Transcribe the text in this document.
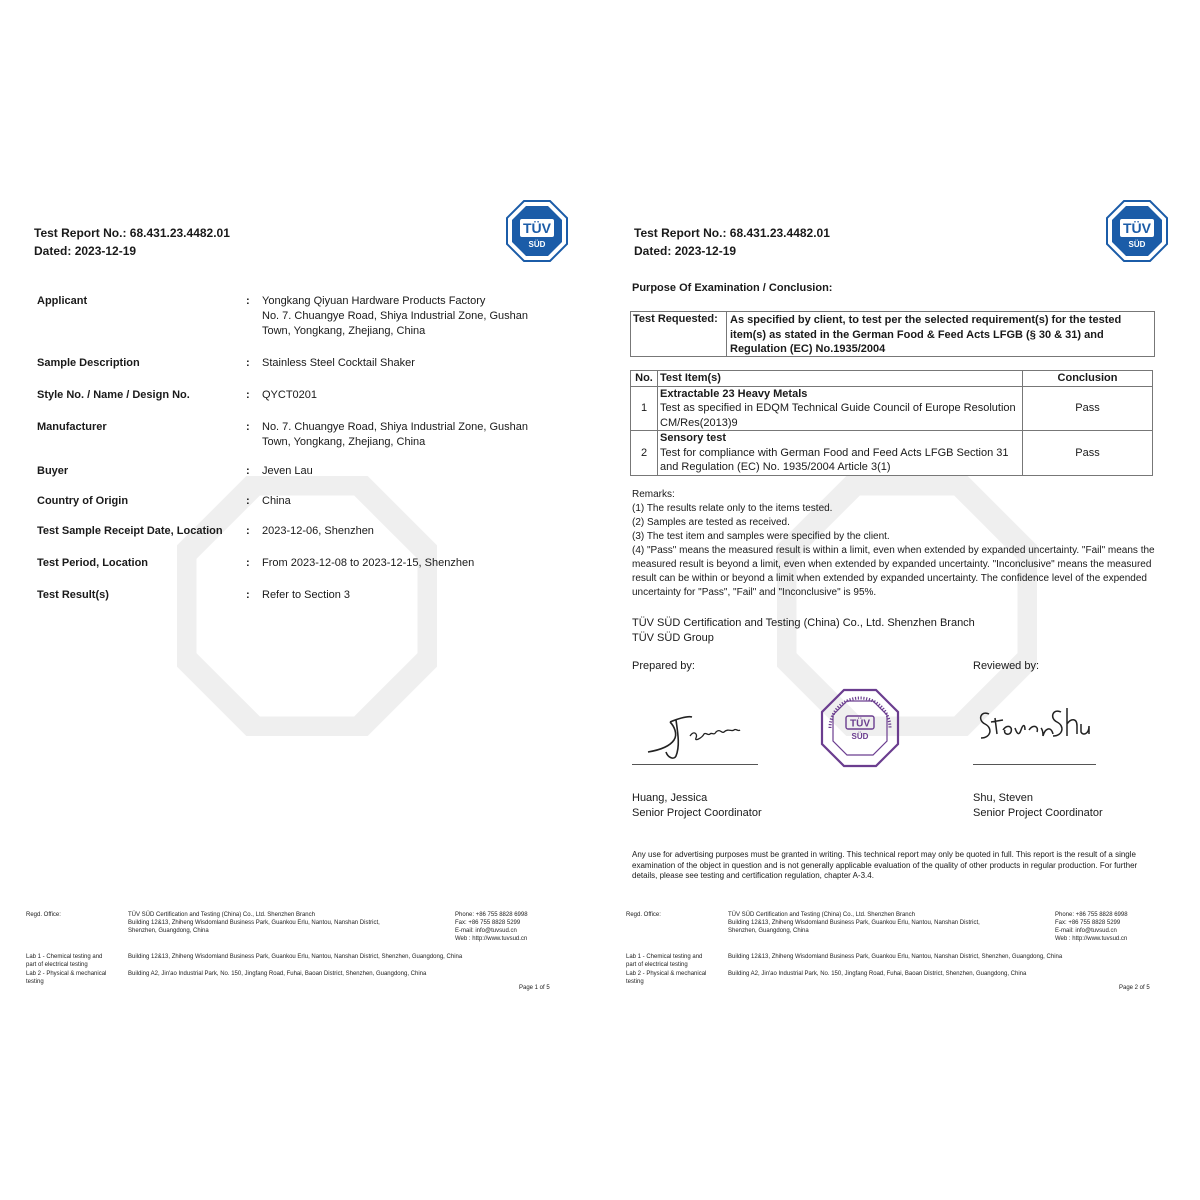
Test Report No.: 68.431.23.4482.01
Dated: 2023-12-19
TÜV
SÜD
Applicant	: Yongkang Qiyuan Hardware Products Factory
No. 7. Chuangye Road, Shiya Industrial Zone, Gushan
Town, Yongkang, Zhejiang, China
Sample Description	: Stainless Steel Cocktail Shaker
Style No. / Name / Design No.	: QYCT0201
Manufacturer	: No. 7. Chuangye Road, Shiya Industrial Zone, Gushan
Town, Yongkang, Zhejiang, China
Buyer	: Jeven Lau
Country of Origin	: China
Test Sample Receipt Date, Location	: 2023-12-06, Shenzhen
Test Period, Location	: From 2023-12-08 to 2023-12-15, Shenzhen
Test Result(s)	: Refer to Section 3
Regd. Office:	TÜV SÜD Certification and Testing (China) Co., Ltd. Shenzhen Branch
Building 12&13, Zhiheng Wisdomland Business Park, Guankou Erlu, Nantou, Nanshan District,
Shenzhen, Guangdong, China
Phone: +86 755 8828 6998
Fax: +86 755 8828 5299
E-mail: info@tuvsud.cn
Web : http://www.tuvsud.cn
Lab 1 - Chemical testing and
part of electrical testing
Building 12&13, Zhiheng Wisdomland Business Park, Guankou Erlu, Nantou, Nanshan District, Shenzhen, Guangdong, China
Lab 2 - Physical & mechanical
testing
Building A2, Jin'ao Industrial Park, No. 150, Jingfang Road, Fuhai, Baoan District, Shenzhen, Guangdong, China
Page 1 of 5
Test Report No.: 68.431.23.4482.01
Dated: 2023-12-19
TÜV
SÜD
Purpose Of Examination / Conclusion:
Test Requested:	As specified by client, to test per the selected requirement(s) for the tested
item(s) as stated in the German Food & Feed Acts LFGB (§ 30 & 31) and
Regulation (EC) No.1935/2004

Remarks:

(1) The results relate only to the items tested.

(2) Samples are tested as received.

(3) The test item and samples were specified by the client.

(4) "Pass" means the measured result is within a limit, even when extended by expanded uncertainty. "Fail" means the measured result is beyond a limit, even when extended by expanded uncertainty. "Inconclusive" means the measured result can be within or beyond a limit when extended by expanded uncertainty. The confidence level of the expended uncertainty for "Pass", "Fail" and "Inconclusive" is 95%.

TÜV SÜD Certification and Testing (China) Co., Ltd. Shenzhen Branch
TÜV SÜD Group
Prepared by:	Reviewed by:
TÜV
SÜD
Huang, Jessica
Senior Project Coordinator
Shu, Steven
Senior Project Coordinator
Any use for advertising purposes must be granted in writing. This technical report may only be quoted in full. This report is the result of a single examination of the object in question and is not generally applicable evaluation of the quality of other products in regular production. For further details, please see testing and certification regulation, chapter A-3.4.
Regd. Office:	TÜV SÜD Certification and Testing (China) Co., Ltd. Shenzhen Branch
Building 12&13, Zhiheng Wisdomland Business Park, Guankou Erlu, Nantou, Nanshan District,
Shenzhen, Guangdong, China
Phone: +86 755 8828 6998
Fax: +86 755 8828 5299
E-mail: info@tuvsud.cn
Web : http://www.tuvsud.cn
Lab 1 - Chemical testing and
part of electrical testing
Building 12&13, Zhiheng Wisdomland Business Park, Guankou Erlu, Nantou, Nanshan District, Shenzhen, Guangdong, China
Lab 2 - Physical & mechanical
testing
Building A2, Jin'ao Industrial Park, No. 150, Jingfang Road, Fuhai, Baoan District, Shenzhen, Guangdong, China
Page 2 of 5
No.	Test Item(s)	Conclusion
1	Extractable 23 Heavy Metals
Test as specified in EDQM Technical Guide Council of Europe Resolution
CM/Res(2013)9	Pass
2	Sensory test
Test for compliance with German Food and Feed Acts LFGB Section 31
and Regulation (EC) No. 1935/2004 Article 3(1)	Pass
